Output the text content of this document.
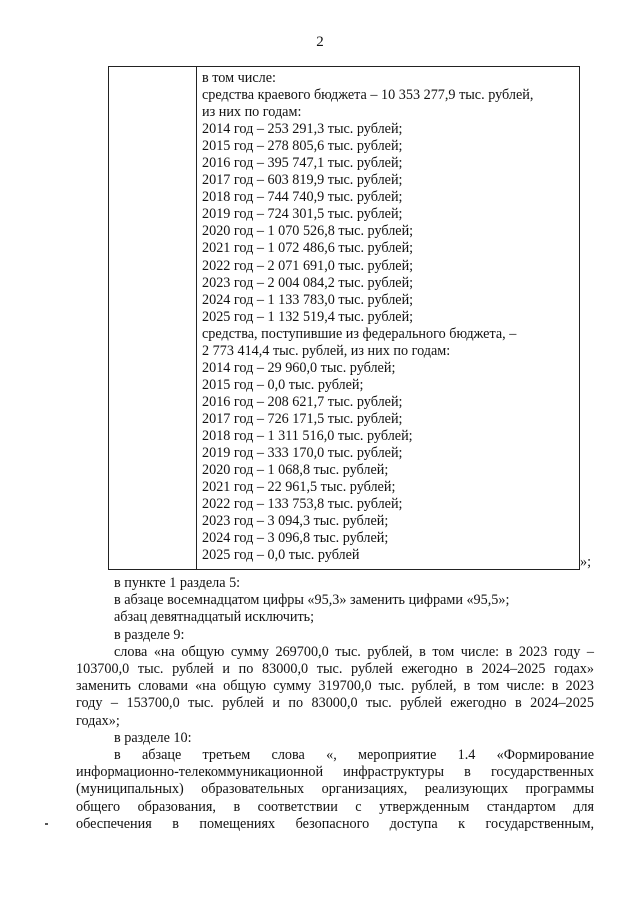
2
в том числе:
средства краевого бюджета – 10 353 277,9 тыс. рублей,
из них по годам:
2014 год – 253 291,3 тыс. рублей;
2015 год – 278 805,6 тыс. рублей;
2016 год – 395 747,1 тыс. рублей;
2017 год – 603 819,9 тыс. рублей;
2018 год – 744 740,9 тыс. рублей;
2019 год – 724 301,5 тыс. рублей;
2020 год – 1 070 526,8 тыс. рублей;
2021 год – 1 072 486,6 тыс. рублей;
2022 год – 2 071 691,0 тыс. рублей;
2023 год – 2 004 084,2 тыс. рублей;
2024 год – 1 133 783,0 тыс. рублей;
2025 год – 1 132 519,4 тыс. рублей;
средства, поступившие из федерального бюджета, –
2 773 414,4 тыс. рублей, из них по годам:
2014 год – 29 960,0 тыс. рублей;
2015 год – 0,0 тыс. рублей;
2016 год – 208 621,7 тыс. рублей;
2017 год – 726 171,5 тыс. рублей;
2018 год – 1 311 516,0 тыс. рублей;
2019 год – 333 170,0 тыс. рублей;
2020 год – 1 068,8 тыс. рублей;
2021 год – 22 961,5 тыс. рублей;
2022 год – 133 753,8 тыс. рублей;
2023 год – 3 094,3 тыс. рублей;
2024 год – 3 096,8 тыс. рублей;
2025 год – 0,0 тыс. рублей	»;
в пункте 1 раздела 5:
в абзаце восемнадцатом цифры «95,3» заменить цифрами «95,5»;
абзац девятнадцатый исключить;
в разделе 9:
слова «на общую сумму 269700,0 тыс. рублей, в том числе: в 2023 году –
103700,0 тыс. рублей и по 83000,0 тыс. рублей ежегодно в 2024–2025 годах»
заменить словами «на общую сумму 319700,0 тыс. рублей, в том числе: в 2023
году – 153700,0 тыс. рублей и по 83000,0 тыс. рублей ежегодно в 2024–2025
годах»;
в разделе 10:
в абзаце третьем слова «, мероприятие 1.4 «Формирование
информационно-телекоммуникационной инфраструктуры в государственных
(муниципальных) образовательных организациях, реализующих программы
общего образования, в соответствии с утвержденным стандартом для
обеспечения в помещениях безопасного доступа к государственным,
